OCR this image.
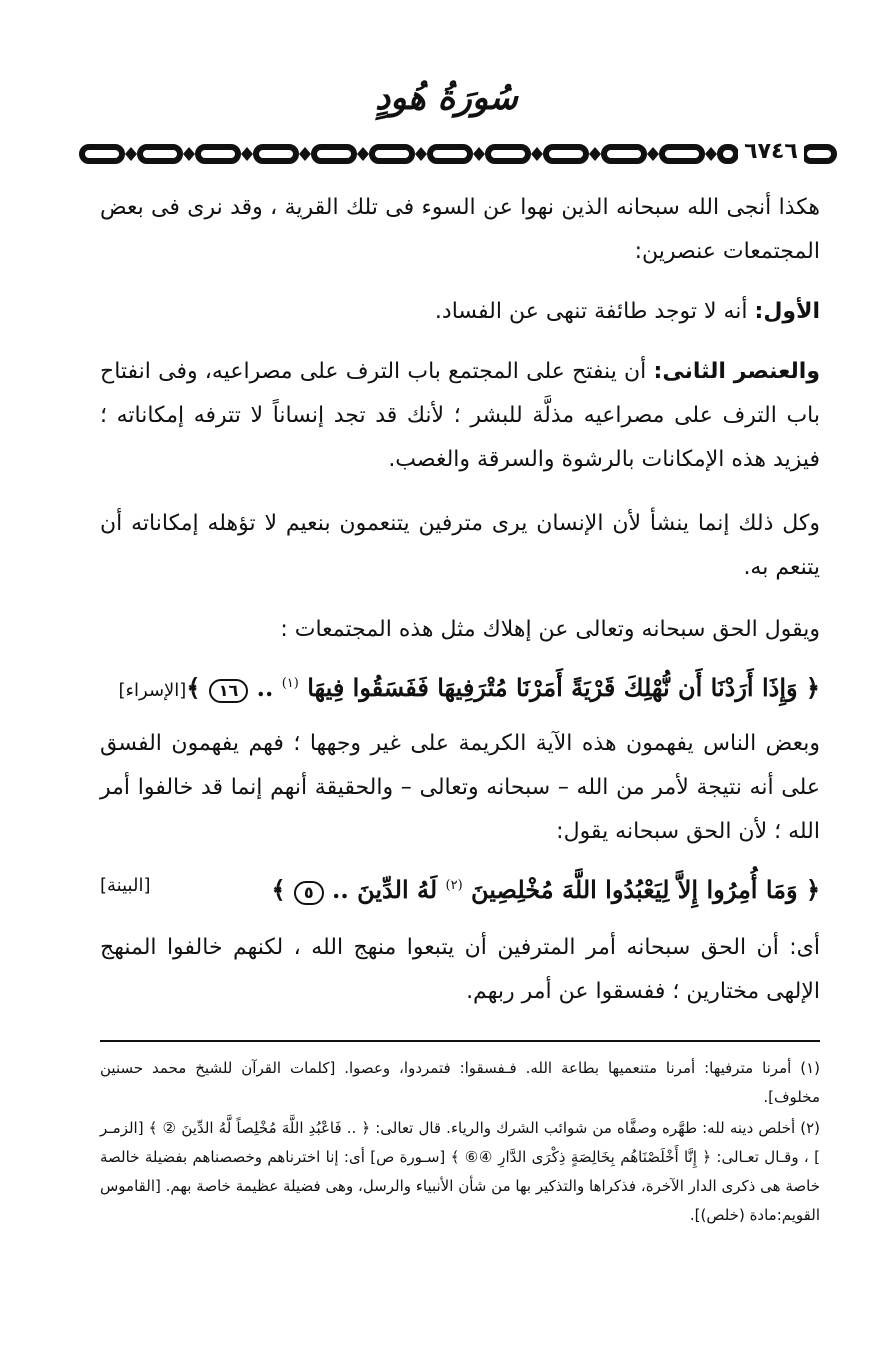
سُورَةُ هُودٍ
٦٧٤٦

هكذا أنجى الله سبحانه الذين نهوا عن السوء فى تلك القرية ، وقد نرى فى بعض المجتمعات عنصرين:

الأول: أنه لا توجد طائفة تنهى عن الفساد.

والعنصر الثانى: أن ينفتح على المجتمع باب الترف على مصراعيه، وفى انفتاح باب الترف على مصراعيه مذلَّة للبشر ؛ لأنك قد تجد إنساناً لا تترفه إمكاناته ؛ فيزيد هذه الإمكانات بالرشوة والسرقة والغصب.

وكل ذلك إنما ينشأ لأن الإنسان يرى مترفين يتنعمون بنعيم لا تؤهله إمكاناته أن يتنعم به.

ويقول الحق سبحانه وتعالى عن إهلاك مثل هذه المجتمعات :

﴿ وَإِذَا أَرَدْنَا أَن نُّهْلِكَ قَرْيَةً أَمَرْنَا مُتْرَفِيهَا فَفَسَقُوا فِيهَا $^{(١)}$ .. ١٦ ﴾[الإسراء]

وبعض الناس يفهمون هذه الآية الكريمة على غير وجهها ؛ فهم يفهمون الفسق على أنه نتيجة لأمر من الله – سبحانه وتعالى – والحقيقة أنهم إنما قد خالفوا أمر الله ؛ لأن الحق سبحانه يقول:

﴿ وَمَا أُمِرُوا إِلاَّ لِيَعْبُدُوا اللَّهَ مُخْلِصِينَ $^{(٢)}$ لَهُ الدِّينَ .. ٥ ﴾
[البينة]

أى: أن الحق سبحانه أمر المترفين أن يتبعوا منهج الله ، لكنهم خالفوا المنهج الإلهى مختارين ؛ ففسقوا عن أمر ربهم.

(١) أمرنا مترفيها: أمرنا متنعميها بطاعة الله. فـفسقوا: فتمردوا، وعصوا. [كلمات القرآن للشيخ محمد حسنين مخلوف].

(٢) أخلص دينه لله: طهَّره وصفَّاه من شوائب الشرك والرياء. قال تعالى: ﴿ .. فَاعْبُدِ اللَّهَ مُخْلِصاً لَّهُ الدِّينَ ② ﴾ [الزمـر ] ، وقـال تعـالى: ﴿ إِنَّا أَخْلَصْنَاهُم بِخَالِصَةٍ ذِكْرَى الدَّارِ ④⑥ ﴾ [سـورة ص] أى: إنا اخترناهم وخصصناهم بفضيلة خالصة خاصة هى ذكرى الدار الآخرة، فذكراها والتذكير بها من شأن الأنبياء والرسل، وهى فضيلة عظيمة خاصة بهم. [القاموس القويم:مادة (خلص)].
